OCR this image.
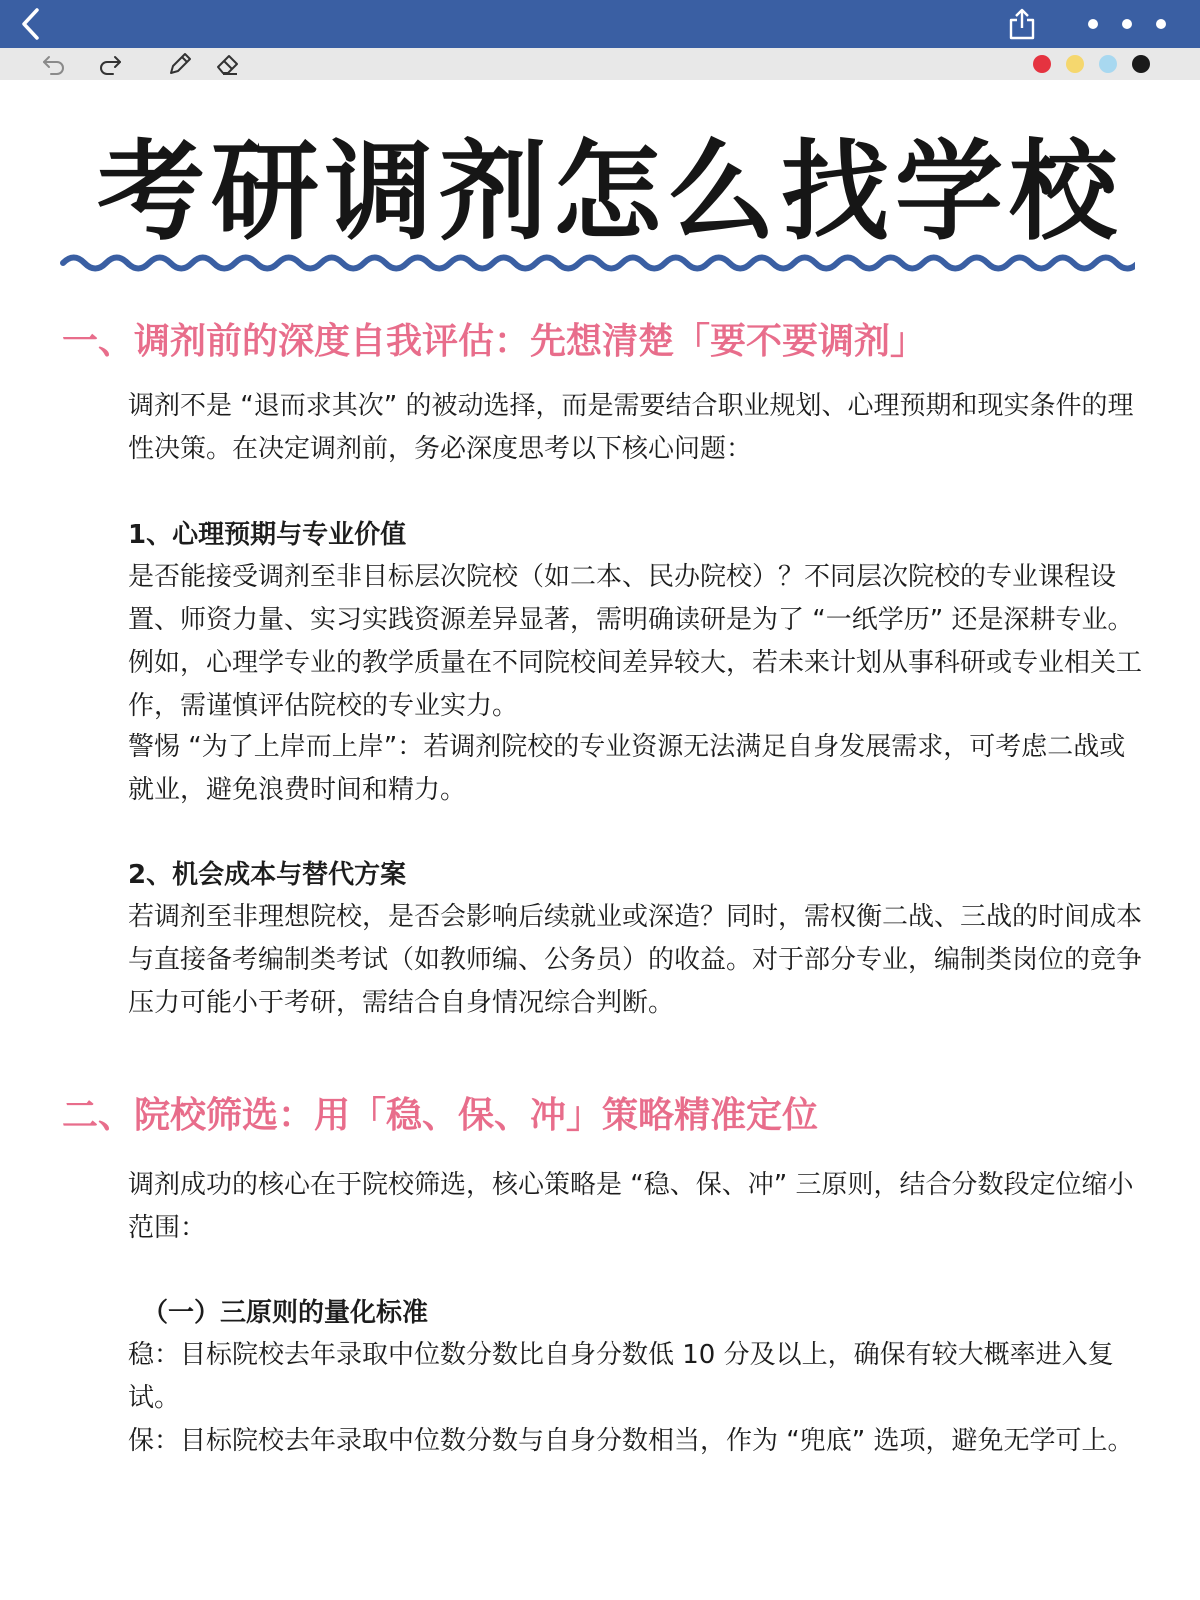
考研调剂怎么找学校
一、调剂前的深度自我评估：先想清楚「要不要调剂」

调剂不是 “退而求其次” 的被动选择，而是需要结合职业规划、心理预期和现实条件的理性决策。在决定调剂前，务必深度思考以下核心问题：

1、心理预期与专业价值

是否能接受调剂至非目标层次院校（如二本、民办院校）？不同层次院校的专业课程设置、师资力量、实习实践资源差异显著，需明确读研是为了 “一纸学历” 还是深耕专业。例如，心理学专业的教学质量在不同院校间差异较大，若未来计划从事科研或专业相关工作，需谨慎评估院校的专业实力。

警惕 “为了上岸而上岸”：若调剂院校的专业资源无法满足自身发展需求，可考虑二战或就业，避免浪费时间和精力。

2、机会成本与替代方案

若调剂至非理想院校，是否会影响后续就业或深造？同时，需权衡二战、三战的时间成本与直接备考编制类考试（如教师编、公务员）的收益。对于部分专业，编制类岗位的竞争压力可能小于考研，需结合自身情况综合判断。

二、院校筛选：用「稳、保、冲」策略精准定位

调剂成功的核心在于院校筛选，核心策略是 “稳、保、冲” 三原则，结合分数段定位缩小范围：

（一）三原则的量化标准

稳：目标院校去年录取中位数分数比自身分数低 10 分及以上，确保有较大概率进入复试。

保：目标院校去年录取中位数分数与自身分数相当，作为 “兜底” 选项，避免无学可上。
